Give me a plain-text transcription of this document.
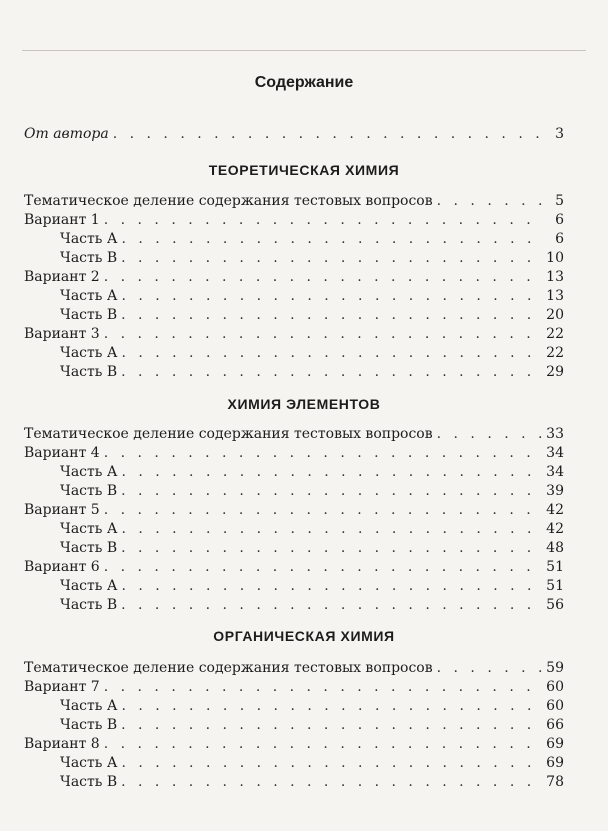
Содержание
От автора . . .	3
ТЕОРЕТИЧЕСКАЯ ХИМИЯ
Тематическое деление содержания тестовых вопросов . . .	5
Вариант 1 . . .	6
Часть А . . .	6
Часть В . . .	10
Вариант 2 . . .	13
Часть А . . .	13
Часть В . . .	20
Вариант 3 . . .	22
Часть А . . .	22
Часть В . . .	29
ХИМИЯ ЭЛЕМЕНТОВ
Тематическое деление содержания тестовых вопросов . . .	33
Вариант 4 . . .	34
Часть А . . .	34
Часть В . . .	39
Вариант 5 . . .	42
Часть А . . .	42
Часть В . . .	48
Вариант 6 . . .	51
Часть А . . .	51
Часть В . . .	56
ОРГАНИЧЕСКАЯ ХИМИЯ
Тематическое деление содержания тестовых вопросов . . .	59
Вариант 7 . . .	60
Часть А . . .	60
Часть В . . .	66
Вариант 8 . . .	69
Часть А . . .	69
Часть В . . .	78
